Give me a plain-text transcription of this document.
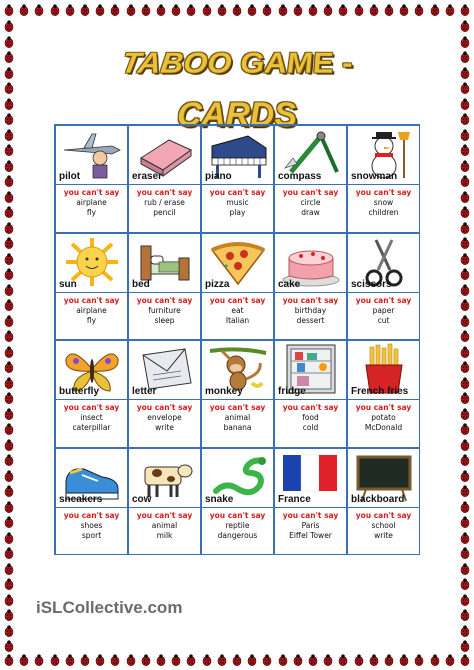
TABOO GAME - CARDS
pilot
you can't say
airplane
fly
eraser
you can't say
rub / erase
pencil
piano
you can't say
music
play
compass
you can't say
circle
draw
snowman
you can't say
snow
children
sun
you can't say
airplane
fly
bed
you can't say
furniture
sleep
pizza
you can't say
eat
Italian
cake
you can't say
birthday
dessert
scissors
you can't say
paper
cut
butterfly
you can't say
insect
caterpillar
letter
you can't say
envelope
write
monkey
you can't say
animal
banana
fridge
you can't say
food
cold
French fries
you can't say
potato
McDonald
sneakers
you can't say
shoes
sport
cow
you can't say
animal
milk
snake
you can't say
reptile
dangerous
France
you can't say
Paris
Eiffel Tower
blackboard
you can't say
school
write
iSLCollective.com
